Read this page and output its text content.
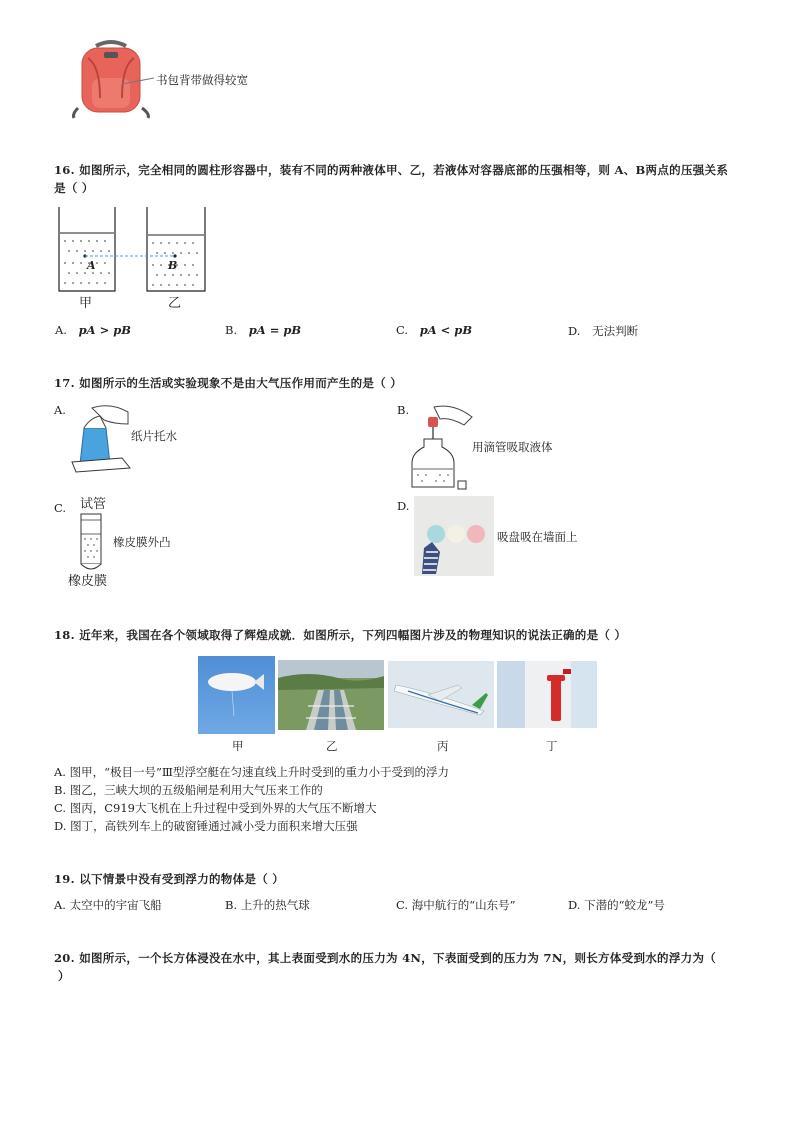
书包背带做得较宽
16. 如图所示，完全相同的圆柱形容器中，装有不同的两种液体甲、乙，若液体对容器底部的压强相等，则 A、B两点的压强关系
是（ ）
A	B
甲	乙
A. pA > pB	B. pA = pB	C. pA < pB	D. 无法判断
17. 如图所示的生活或实验现象不是由大气压作用而产生的是（ ）
A.
纸片托水
B.
用滴管吸取液体
C. 试管
橡皮膜外凸
橡皮膜
D.
吸盘吸在墙面上
18. 近年来，我国在各个领域取得了辉煌成就．如图所示，下列四幅图片涉及的物理知识的说法正确的是（ ）
甲	乙	丙	丁
A. 图甲，“极目一号”Ⅲ型浮空艇在匀速直线上升时受到的重力小于受到的浮力
B. 图乙，三峡大坝的五级船闸是利用大气压来工作的
C. 图丙，C919大飞机在上升过程中受到外界的大气压不断增大
D. 图丁，高铁列车上的破窗锤通过减小受力面积来增大压强
19. 以下情景中没有受到浮力的物体是（ ）
A. 太空中的宇宙飞船	B. 上升的热气球	C. 海中航行的“山东号”	D. 下潜的“蛟龙”号
20. 如图所示，一个长方体浸没在水中，其上表面受到水的压力为 4N，下表面受到的压力为 7N，则长方体受到水的浮力为（
）
